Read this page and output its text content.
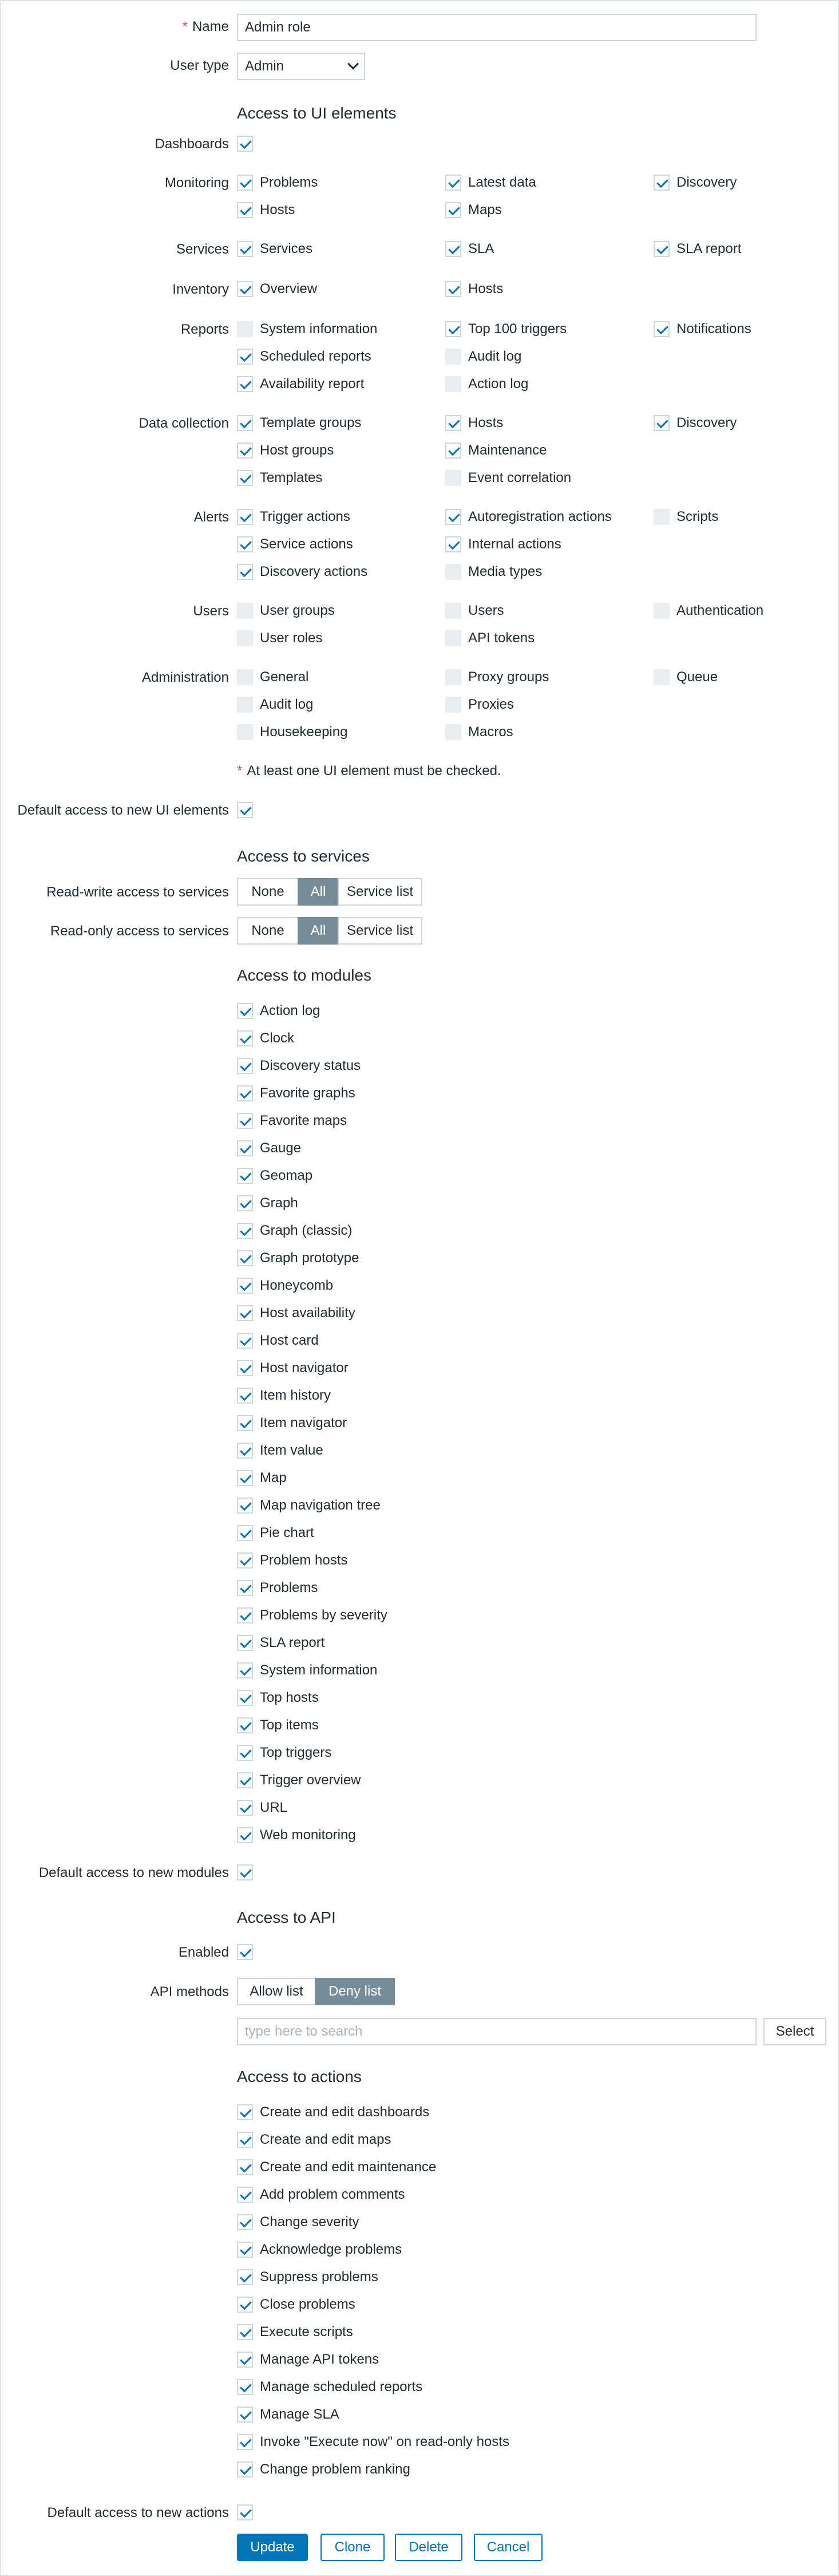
* Name
Admin role
User type Admin
Access to UI elements
Dashboards
Monitoring Problems	Latest data	Discovery
Hosts	Maps
Services Services	SLA	SLA report
Inventory Overview	Hosts
Reports System information	Top 100 triggers	Notifications
Scheduled reports	Audit log
Availability report	Action log
Data collection Template groups	Hosts	Discovery
Host groups	Maintenance
Templates	Event correlation
Alerts Trigger actions	Autoregistration actions	Scripts
Service actions	Internal actions
Discovery actions	Media types
Users User groups	Users	Authentication
User roles	API tokens
Administration General	Proxy groups	Queue
Audit log	Proxies
Housekeeping	Macros
* At least one UI element must be checked.
Default access to new UI elements
Access to services
Read-write access to services	None	All	Service list
Read-only access to services	None	All	Service list
Access to modules
Action log
Clock
Discovery status
Favorite graphs
Favorite maps
Gauge
Geomap
Graph
Graph (classic)
Graph prototype
Honeycomb
Host availability
Host card
Host navigator
Item history
Item navigator
Item value
Map
Map navigation tree
Pie chart
Problem hosts
Problems
Problems by severity
SLA report
System information
Top hosts
Top items
Top triggers
Trigger overview
URL
Web monitoring
Default access to new modules
Access to API
Enabled
API methods	Allow list	Deny list
type here to search
Select
Access to actions
Create and edit dashboards
Create and edit maps
Create and edit maintenance
Add problem comments
Change severity
Acknowledge problems
Suppress problems
Close problems
Execute scripts
Manage API tokens
Manage scheduled reports
Manage SLA
Invoke "Execute now" on read-only hosts
Change problem ranking
Default access to new actions
Update	Clone	Delete	Cancel
